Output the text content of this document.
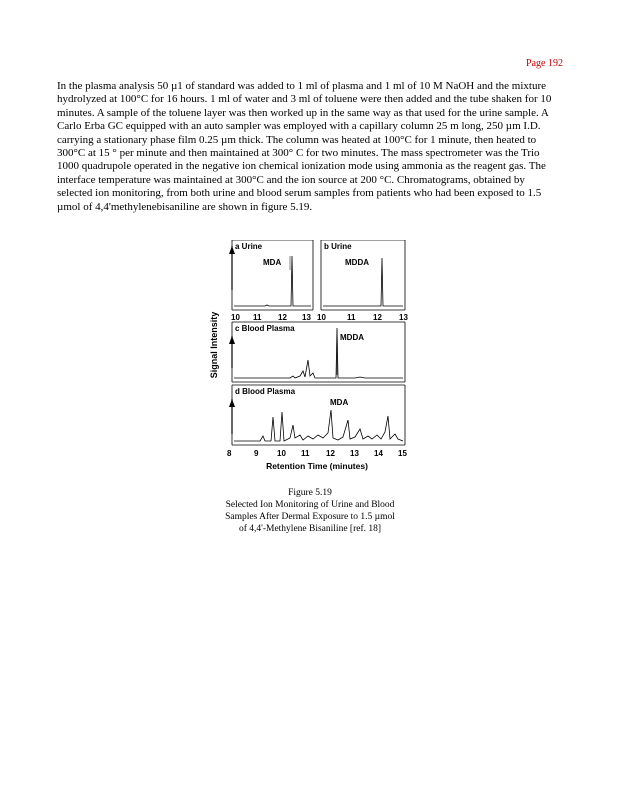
Page 192

In the plasma analysis 50 µ1 of standard was added to 1 ml of plasma and 1 ml of 10 M NaOH and the mixture hydrolyzed at 100°C for 16 hours. 1 ml of water and 3 ml of toluene were then added and the tube shaken for 10 minutes. A sample of the toluene layer was then worked up in the same way as that used for the urine sample. A Carlo Erba GC equipped with an auto sampler was employed with a capillary column 25 m long, 250 µm I.D. carrying a stationary phase film 0.25 µm thick. The column was heated at 100°C for 1 minute, then heated to 300°C at 15 ° per minute and then maintained at 300° C for two minutes. The mass spectrometer was the Trio 1000 quadrupole operated in the negative ion chemical ionization mode using ammonia as the reagent gas. The interface temperature was maintained at 300°C and the ion source at 200 °C. Chromatograms, obtained by selected ion monitoring, from both urine and blood serum samples from patients who had been exposed to 1.5 µmol of 4,4'methylenebisaniline are shown in figure 5.19.

Signal Intensity
a Urine
MDA
10 11 12 13
b Urine
MDDA
10	11 12 13
c Blood Plasma
MDDA
d Blood Plasma
MDA
8	9 10 11 12 13 14 15
Retention Time (minutes)
Figure 5.19
Selected Ion Monitoring of Urine and Blood
Samples After Dermal Exposure to 1.5 µmol
of 4,4'-Methylene Bisaniline [ref. 18]
